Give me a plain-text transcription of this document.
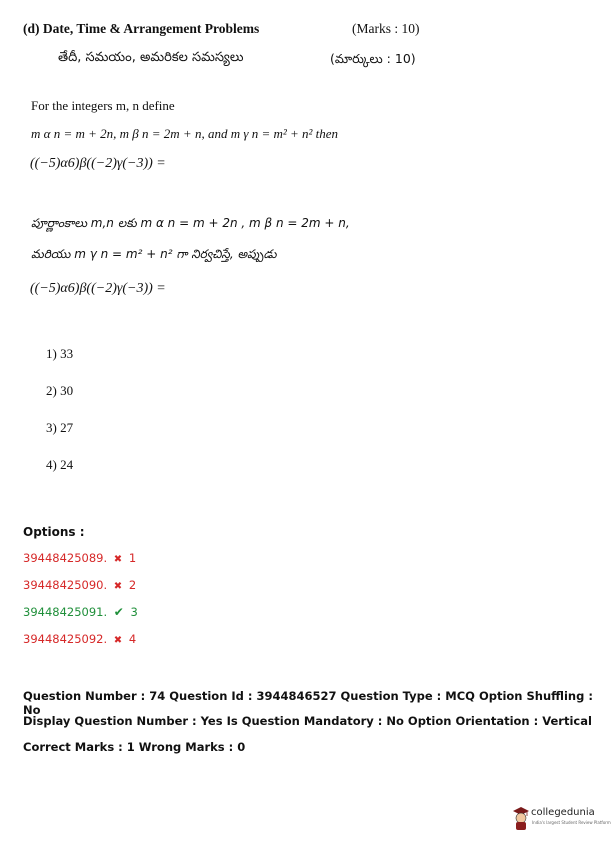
(d) Date, Time & Arrangement Problems	(Marks : 10)
తేదీ, సమయం, అమరికల సమస్యలు	(మార్కులు : 10)
For the integers m, n define
m α n = m + 2n, m β n = 2m + n, and m γ n = m² + n² then
((−5)α6)β((−2)γ(−3)) =
పూర్ణాంకాలు m,n లకు m α n = m + 2n , m β n = 2m + n,
మరియు m γ n = m² + n² గా నిర్వచిస్తే, అప్పుడు
((−5)α6)β((−2)γ(−3)) =
1) 33
2) 30
3) 27
4) 24
Options :
39448425089. ✖ 1
39448425090. ✖ 2
39448425091. ✔ 3
39448425092. ✖ 4
Question Number : 74 Question Id : 3944846527 Question Type : MCQ Option Shuffling : No
Display Question Number : Yes Is Question Mandatory : No Option Orientation : Vertical
Correct Marks : 1 Wrong Marks : 0
collegedunia
India's largest Student Review Platform
